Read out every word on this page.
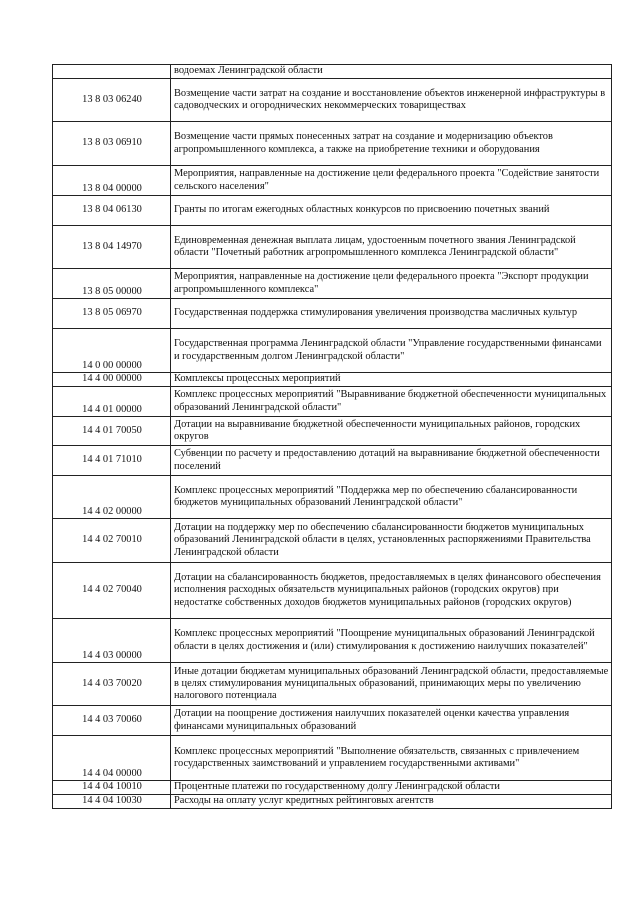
	водоемах Ленинградской области
13 8 03 06240	Возмещение части затрат на создание и восстановление объектов инженерной инфраструктуры в садоводческих и огороднических некоммерческих товариществах
13 8 03 06910	Возмещение части прямых понесенных затрат на создание и модернизацию объектов агропромышленного комплекса, а также на приобретение техники и оборудования
13 8 04 00000	Мероприятия, направленные на достижение цели федерального проекта "Содействие занятости сельского населения"
13 8 04 06130	Гранты по итогам ежегодных областных конкурсов по присвоению почетных званий
13 8 04 14970	Единовременная денежная выплата лицам, удостоенным почетного звания Ленинградской области "Почетный работник агропромышленного комплекса Ленинградской области"
13 8 05 00000	Мероприятия, направленные на достижение цели федерального проекта "Экспорт продукции агропромышленного комплекса"
13 8 05 06970	Государственная поддержка стимулирования увеличения производства масличных культур
14 0 00 00000	Государственная программа Ленинградской области "Управление государственными финансами и государственным долгом Ленинградской области"
14 4 00 00000	Комплексы процессных мероприятий
14 4 01 00000	Комплекс процессных мероприятий "Выравнивание бюджетной обеспеченности муниципальных образований Ленинградской области"
14 4 01 70050	Дотации на выравнивание бюджетной обеспеченности муниципальных районов, городских округов
14 4 01 71010	Субвенции по расчету и предоставлению дотаций на выравнивание бюджетной обеспеченности поселений
14 4 02 00000	Комплекс процессных мероприятий "Поддержка мер по обеспечению сбалансированности бюджетов муниципальных образований Ленинградской области"
14 4 02 70010	Дотации на поддержку мер по обеспечению сбалансированности бюджетов муниципальных образований Ленинградской области в целях, установленных распоряжениями Правительства Ленинградской области
14 4 02 70040	Дотации на сбалансированность бюджетов, предоставляемых в целях финансового обеспечения исполнения расходных обязательств муниципальных районов (городских округов) при недостатке собственных доходов бюджетов муниципальных районов (городских округов)
14 4 03 00000	Комплекс процессных мероприятий "Поощрение муниципальных образований Ленинградской области в целях достижения и (или) стимулирования к достижению наилучших показателей"
14 4 03 70020	Иные дотации бюджетам муниципальных образований Ленинградской области, предоставляемые в целях стимулирования муниципальных образований, принимающих меры по увеличению налогового потенциала
14 4 03 70060	Дотации на поощрение достижения наилучших показателей оценки качества управления финансами муниципальных образований
14 4 04 00000	Комплекс процессных мероприятий "Выполнение обязательств, связанных с привлечением государственных заимствований и управлением государственными активами"
14 4 04 10010	Процентные платежи по государственному долгу Ленинградской области
14 4 04 10030	Расходы на оплату услуг кредитных рейтинговых агентств
